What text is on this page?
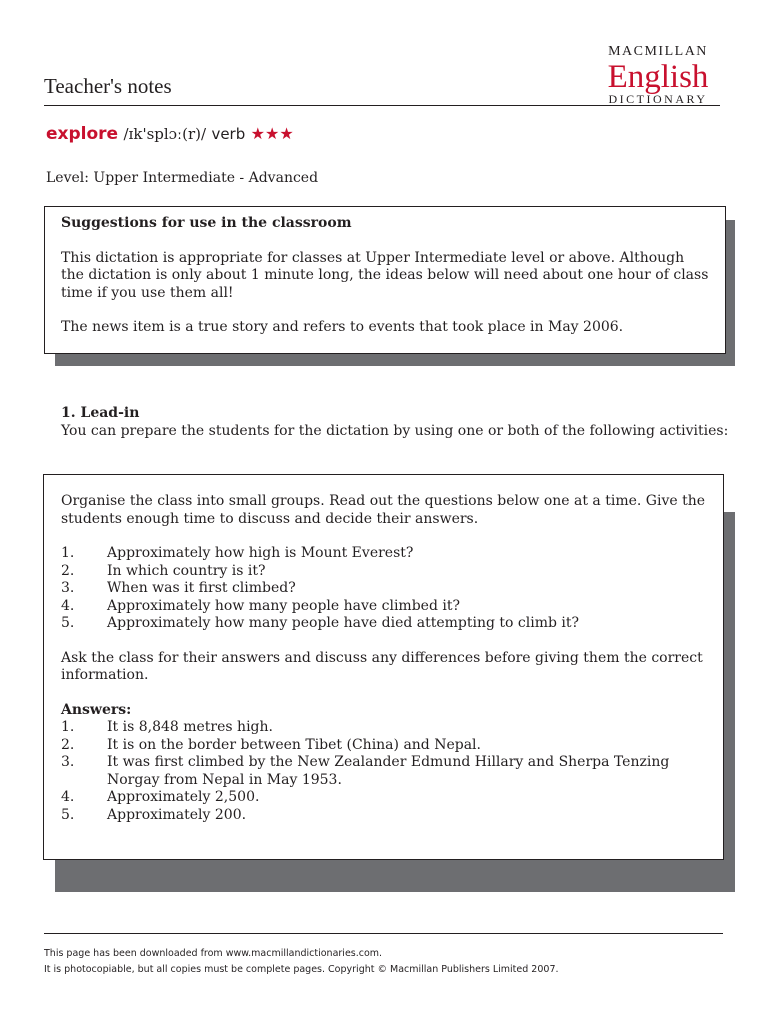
Teacher's notes
MACMILLAN
English
DICTIONARY
explore /ɪk'splɔː(r)/ verb ★★★
Level: Upper Intermediate - Advanced

Suggestions for use in the classroom

This dictation is appropriate for classes at Upper Intermediate level or above. Although the dictation is only about 1 minute long, the ideas below will need about one hour of class time if you use them all!

The news item is a true story and refers to events that took place in May 2006.

1. Lead-in

You can prepare the students for the dictation by using one or both of the following activities:

Organise the class into small groups. Read out the questions below one at a time. Give the students enough time to discuss and decide their answers.

1.	Approximately how high is Mount Everest?
2.	In which country is it?
3.	When was it first climbed?
4.	Approximately how many people have climbed it?
5.	Approximately how many people have died attempting to climb it?

Ask the class for their answers and discuss any differences before giving them the correct information.

Answers:

1.	It is 8,848 metres high.
2.	It is on the border between Tibet (China) and Nepal.
3.	It was first climbed by the New Zealander Edmund Hillary and Sherpa Tenzing Norgay from Nepal in May 1953.
4.	Approximately 2,500.
5.	Approximately 200.
This page has been downloaded from www.macmillandictionaries.com.
It is photocopiable, but all copies must be complete pages. Copyright © Macmillan Publishers Limited 2007.
